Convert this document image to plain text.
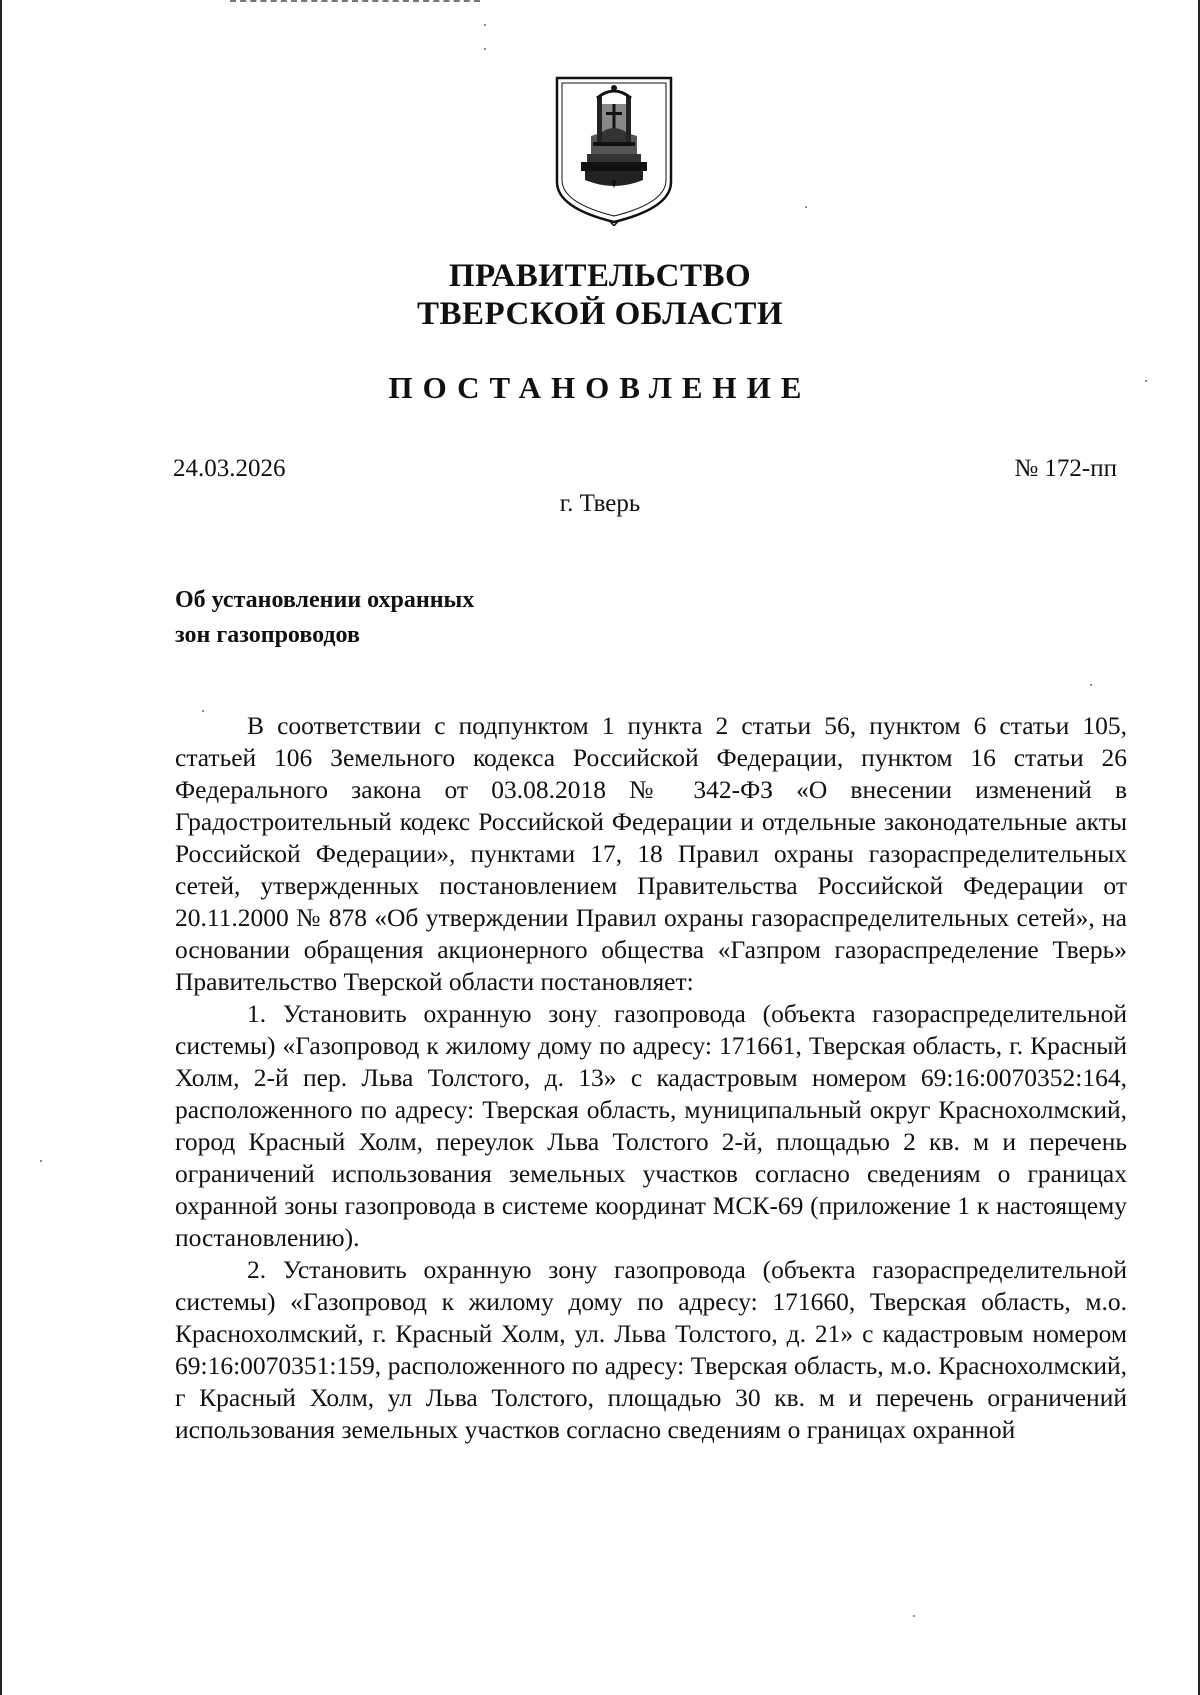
ПРАВИТЕЛЬСТВО
ТВЕРСКОЙ ОБЛАСТИ
ПОСТАНОВЛЕНИЕ
24.03.2026	№ 172-пп
г. Тверь
Об установлении охранных
зон газопроводов

В соответствии с подпунктом 1 пункта 2 статьи 56, пунктом 6 статьи 105, статьей 106 Земельного кодекса Российской Федерации, пунктом 16 статьи 26 Федерального закона от 03.08.2018 № 342-ФЗ «О внесении изменений в Градостроительный кодекс Российской Федерации и отдельные законодательные акты Российской Федерации», пунктами 17, 18 Правил охраны газораспределительных сетей, утвержденных постановлением Правительства Российской Федерации от 20.11.2000 № 878 «Об утверждении Правил охраны газораспределительных сетей», на основании обращения акционерного общества «Газпром газораспределение Тверь» Правительство Тверской области постановляет:

1. Установить охранную зону газопровода (объекта газораспределительной системы) «Газопровод к жилому дому по адресу: 171661, Тверская область, г. Красный Холм, 2-й пер. Льва Толстого, д. 13» с кадастровым номером 69:16:0070352:164, расположенного по адресу: Тверская область, муниципальный округ Краснохолмский, город Красный Холм, переулок Льва Толстого 2-й, площадью 2 кв. м и перечень ограничений использования земельных участков согласно сведениям о границах охранной зоны газопровода в системе координат МСК-69 (приложение 1 к настоящему постановлению).

2. Установить охранную зону газопровода (объекта газораспределительной системы) «Газопровод к жилому дому по адресу: 171660, Тверская область, м.о. Краснохолмский, г. Красный Холм, ул. Льва Толстого, д. 21» с кадастровым номером 69:16:0070351:159, расположенного по адресу: Тверская область, м.о. Краснохолмский, г Красный Холм, ул Льва Толстого, площадью 30 кв. м и перечень ограничений использования земельных участков согласно сведениям о границах охранной
